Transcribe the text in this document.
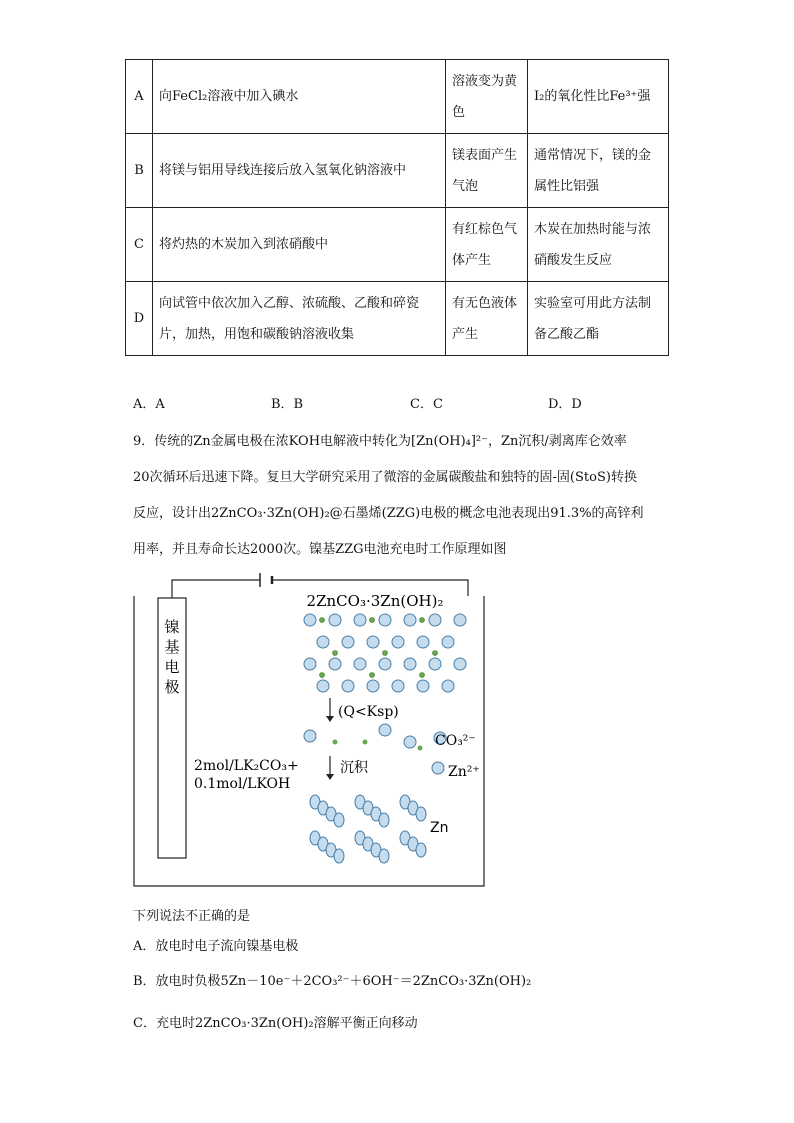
A	向FeCl₂溶液中加入碘水	溶液变为黄色	I₂的氧化性比Fe³⁺强
B	将镁与铝用导线连接后放入氢氧化钠溶液中	镁表面产生气泡	通常情况下，镁的金属性比铝强
C	将灼热的木炭加入到浓硝酸中	有红棕色气体产生	木炭在加热时能与浓硝酸发生反应
D	向试管中依次加入乙醇、浓硫酸、乙酸和碎瓷片，加热，用饱和碳酸钠溶液收集	有无色液体产生	实验室可用此方法制备乙酸乙酯
A．A	B．B	C．C	D．D
9．传统的Zn金属电极在浓KOH电解液中转化为[Zn(OH)₄]²⁻，Zn沉积/剥离库仑效率
20次循环后迅速下降。复旦大学研究采用了微溶的金属碳酸盐和独特的固-固(StoS)转换
反应，设计出2ZnCO₃·3Zn(OH)₂@石墨烯(ZZG)电极的概念电池表现出91.3%的高锌利
用率，并且寿命长达2000次。镍基ZZG电池充电时工作原理如图
镍
基
电
极
2ZnCO₃·3Zn(OH)₂
(Q<Ksp)
CO₃²⁻
Zn²⁺
2mol/LK₂CO₃+
0.1mol/LKOH
沉积
Zn
下列说法不正确的是
A．放电时电子流向镍基电极
B．放电时负极5Zn－10e⁻＋2CO₃²⁻＋6OH⁻＝2ZnCO₃·3Zn(OH)₂
C．充电时2ZnCO₃·3Zn(OH)₂溶解平衡正向移动
